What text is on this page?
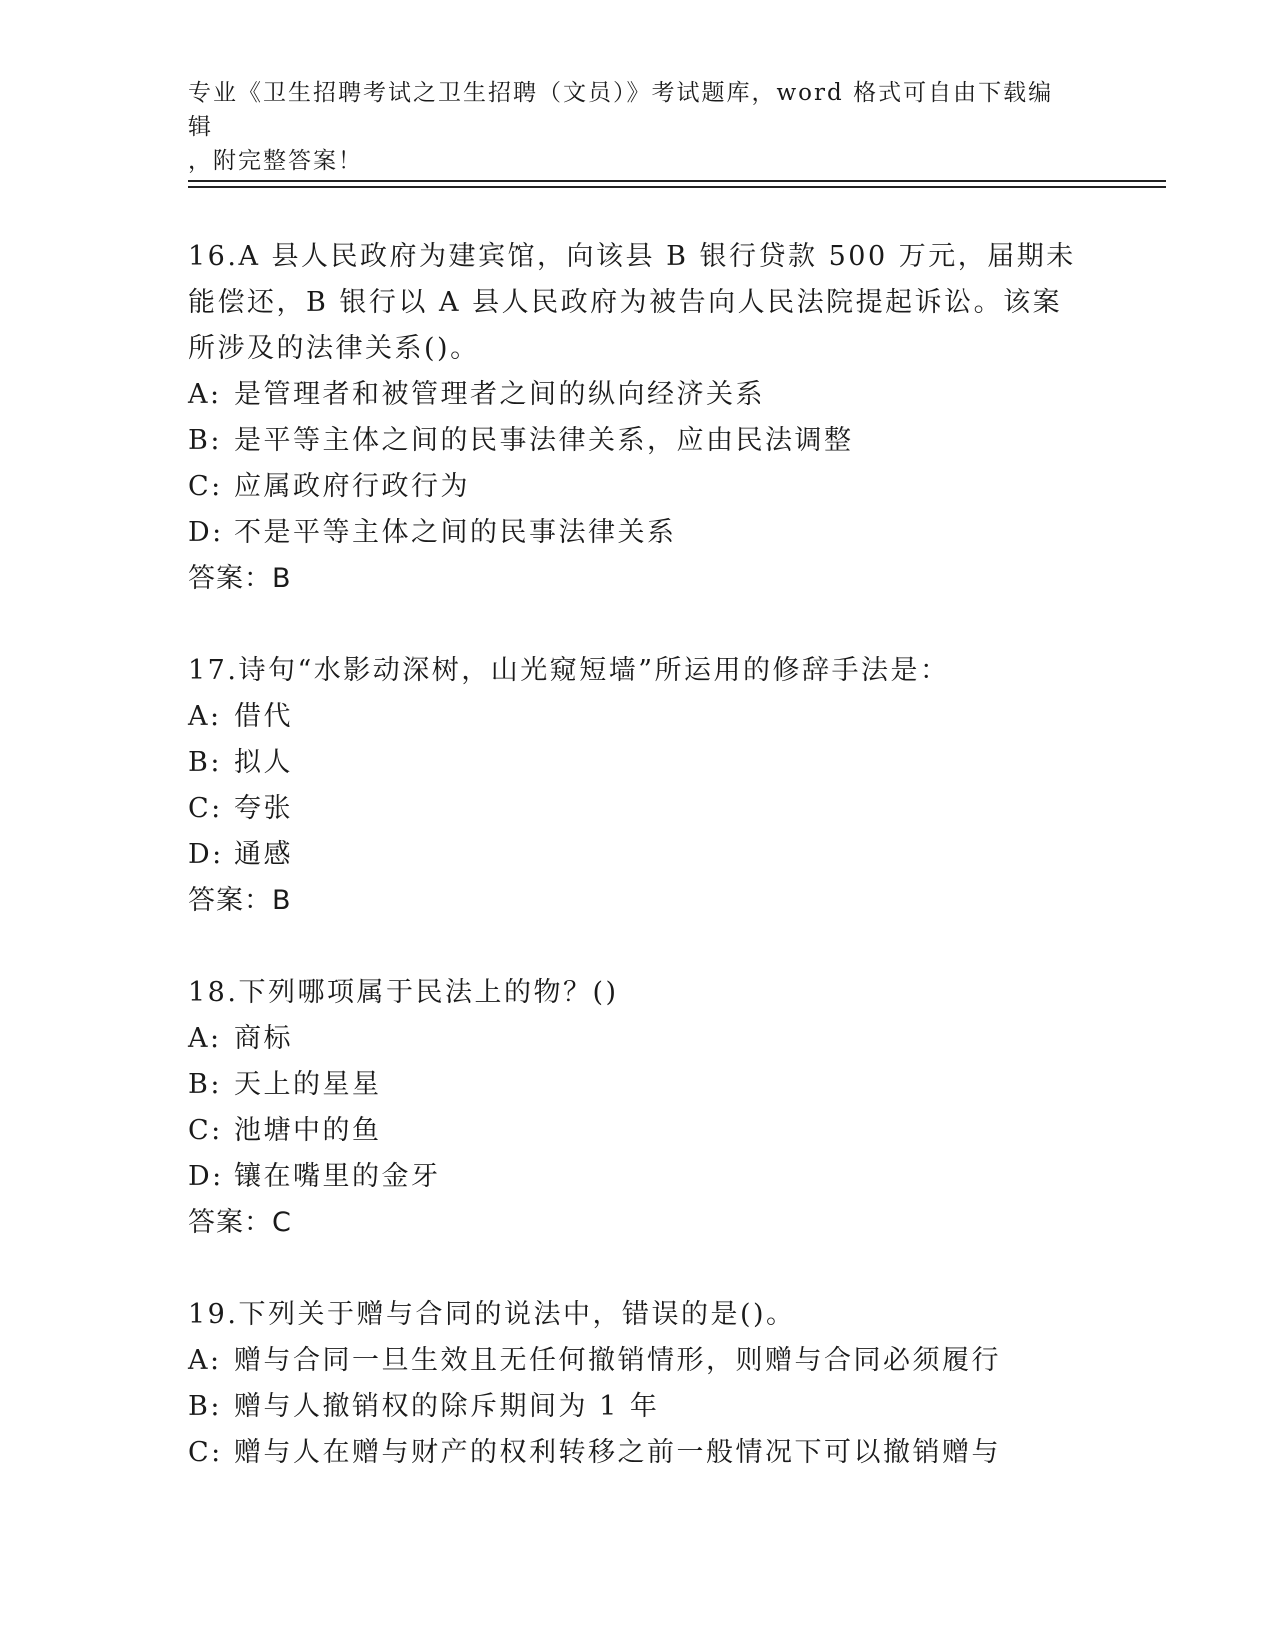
专业《卫生招聘考试之卫生招聘（文员）》考试题库，word 格式可自由下载编辑
，附完整答案！

16.A 县人民政府为建宾馆，向该县 B 银行贷款 500 万元，届期未能偿还，B 银行以 A 县人民政府为被告向人民法院提起诉讼。该案所涉及的法律关系()。

A: 是管理者和被管理者之间的纵向经济关系
B: 是平等主体之间的民事法律关系，应由民法调整
C: 应属政府行政行为
D: 不是平等主体之间的民事法律关系
答案：B

17.诗句“水影动深树，山光窥短墙”所运用的修辞手法是：

A: 借代
B: 拟人
C: 夸张
D: 通感
答案：B

18.下列哪项属于民法上的物？()

A: 商标
B: 天上的星星
C: 池塘中的鱼
D: 镶在嘴里的金牙
答案：C

19.下列关于赠与合同的说法中，错误的是()。

A: 赠与合同一旦生效且无任何撤销情形，则赠与合同必须履行
B: 赠与人撤销权的除斥期间为 1 年
C: 赠与人在赠与财产的权利转移之前一般情况下可以撤销赠与
